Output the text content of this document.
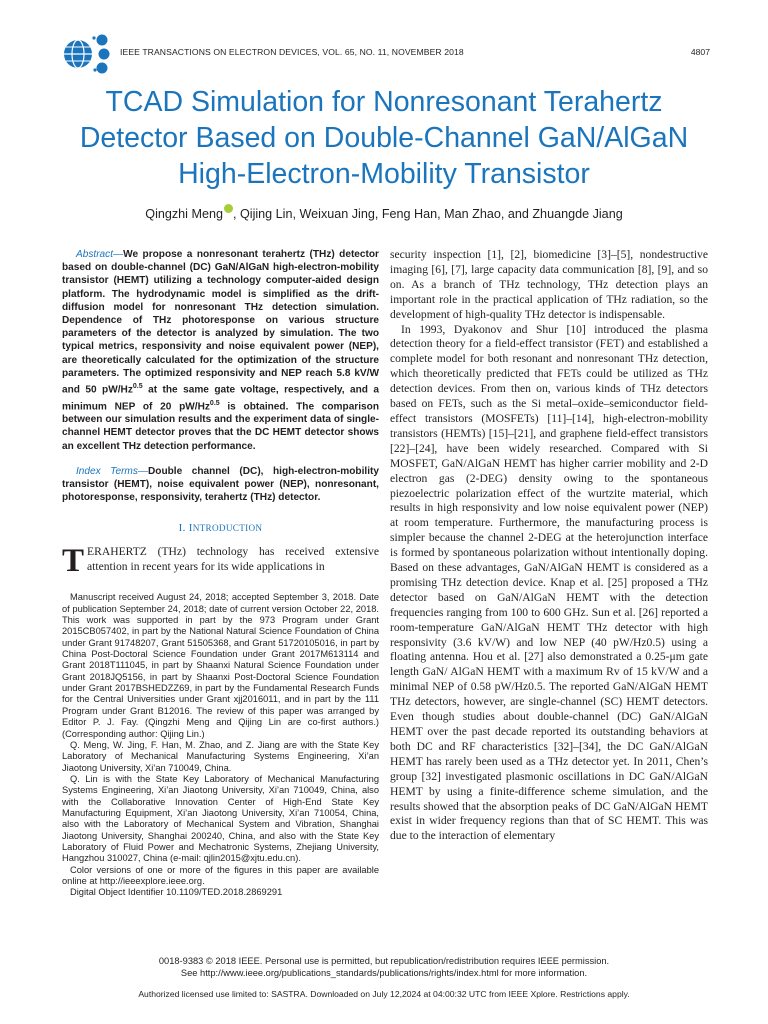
IEEE TRANSACTIONS ON ELECTRON DEVICES, VOL. 65, NO. 11, NOVEMBER 2018	4807
TCAD Simulation for Nonresonant Terahertz
Detector Based on Double-Channel GaN/AlGaN
High-Electron-Mobility Transistor
Qingzhi Meng , Qijing Lin, Weixuan Jing, Feng Han, Man Zhao, and Zhuangde Jiang

Abstract—We propose a nonresonant terahertz (THz) detector based on double-channel (DC) GaN/AlGaN high-electron-mobility transistor (HEMT) utilizing a technology computer-aided design platform. The hydrodynamic model is simplified as the drift-diffusion model for nonresonant THz detection simulation. Dependence of THz photoresponse on various structure parameters of the detector is analyzed by simulation. The two typical metrics, responsivity and noise equivalent power (NEP), are theoretically calculated for the optimization of the structure parameters. The optimized responsivity and NEP reach 5.8 kV/W and 50 $pW/Hz^{0.5}$ at the same gate voltage, respectively, and a minimum NEP of 20 $pW/Hz^{0.5}$ is obtained. The comparison between our simulation results and the experiment data of single-channel HEMT detector proves that the DC HEMT detector shows an excellent THz detection performance.

Index Terms—Double channel (DC), high-electron-mobility transistor (HEMT), noise equivalent power (NEP), nonresonant, photoresponse, responsivity, terahertz (THz) detector.

I. INTRODUCTION

TERAHERTZ (THz) technology has received extensive attention in recent years for its wide applications in

Manuscript received August 24, 2018; accepted September 3, 2018. Date of publication September 24, 2018; date of current version October 22, 2018. This work was supported in part by the 973 Program under Grant 2015CB057402, in part by the National Natural Science Foundation of China under Grant 91748207, Grant 51505368, and Grant 51720105016, in part by China Post-Doctoral Science Foundation under Grant 2017M613114 and Grant 2018T111045, in part by Shaanxi Natural Science Foundation under Grant 2018JQ5156, in part by Shaanxi Post-Doctoral Science Foundation under Grant 2017BSHEDZZ69, in part by the Fundamental Research Funds for the Central Universities under Grant xjj2016011, and in part by the 111 Program under Grant B12016. The review of this paper was arranged by Editor P. J. Fay. (Qingzhi Meng and Qijing Lin are co-first authors.) (Corresponding author: Qijing Lin.)

Q. Meng, W. Jing, F. Han, M. Zhao, and Z. Jiang are with the State Key Laboratory of Mechanical Manufacturing Systems Engineering, Xi’an Jiaotong University, Xi’an 710049, China.

Q. Lin is with the State Key Laboratory of Mechanical Manufacturing Systems Engineering, Xi’an Jiaotong University, Xi’an 710049, China, also with the Collaborative Innovation Center of High-End State Key Manufacturing Equipment, Xi’an Jiaotong University, Xi’an 710054, China, also with the Laboratory of Mechanical System and Vibration, Shanghai Jiaotong University, Shanghai 200240, China, and also with the State Key Laboratory of Fluid Power and Mechatronic Systems, Zhejiang University, Hangzhou 310027, China (e-mail: qjlin2015@xjtu.edu.cn).

Color versions of one or more of the figures in this paper are available online at http://ieeexplore.ieee.org.

Digital Object Identifier 10.1109/TED.2018.2869291

security inspection [1], [2], biomedicine [3]–[5], nondestructive imaging [6], [7], large capacity data communication [8], [9], and so on. As a branch of THz technology, THz detection plays an important role in the practical application of THz radiation, so the development of high-quality THz detector is indispensable.

In 1993, Dyakonov and Shur [10] introduced the plasma detection theory for a field-effect transistor (FET) and established a complete model for both resonant and nonresonant THz detection, which theoretically predicted that FETs could be utilized as THz detection devices. From then on, various kinds of THz detectors based on FETs, such as the Si metal–oxide–semiconductor field-effect transistors (MOSFETs) [11]–[14], high-electron-mobility transistors (HEMTs) [15]–[21], and graphene field-effect transistors [22]–[24], have been widely researched. Compared with Si MOSFET, GaN/AlGaN HEMT has higher carrier mobility and 2-D electron gas (2-DEG) density owing to the spontaneous piezoelectric polarization effect of the wurtzite material, which results in high responsivity and low noise equivalent power (NEP) at room temperature. Furthermore, the manufacturing process is simpler because the channel 2-DEG at the heterojunction interface is formed by spontaneous polarization without intentionally doping. Based on these advantages, GaN/AlGaN HEMT is considered as a promising THz detection device. Knap et al. [25] proposed a THz detector based on GaN/AlGaN HEMT with the detection frequencies ranging from 100 to 600 GHz. Sun et al. [26] reported a room-temperature GaN/AlGaN HEMT THz detector with high responsivity (3.6 kV/W) and low NEP (40 pW/Hz0.5) using a floating antenna. Hou et al. [27] also demonstrated a 0.25-μm gate length GaN/ AlGaN HEMT with a maximum Rv of 15 kV/W and a minimal NEP of 0.58 pW/Hz0.5. The reported GaN/AlGaN HEMT THz detectors, however, are single-channel (SC) HEMT detectors. Even though studies about double-channel (DC) GaN/AlGaN HEMT over the past decade reported its outstanding behaviors at both DC and RF characteristics [32]–[34], the DC GaN/AlGaN HEMT has rarely been used as a THz detector yet. In 2011, Chen’s group [32] investigated plasmonic oscillations in DC GaN/AlGaN HEMT by using a finite-difference scheme simulation, and the results showed that the absorption peaks of DC GaN/AlGaN HEMT exist in wider frequency regions than that of SC HEMT. This was due to the interaction of elementary

0018-9383 © 2018 IEEE. Personal use is permitted, but republication/redistribution requires IEEE permission.
See http://www.ieee.org/publications_standards/publications/rights/index.html for more information.
Authorized licensed use limited to: SASTRA. Downloaded on July 12,2024 at 04:00:32 UTC from IEEE Xplore. Restrictions apply.
